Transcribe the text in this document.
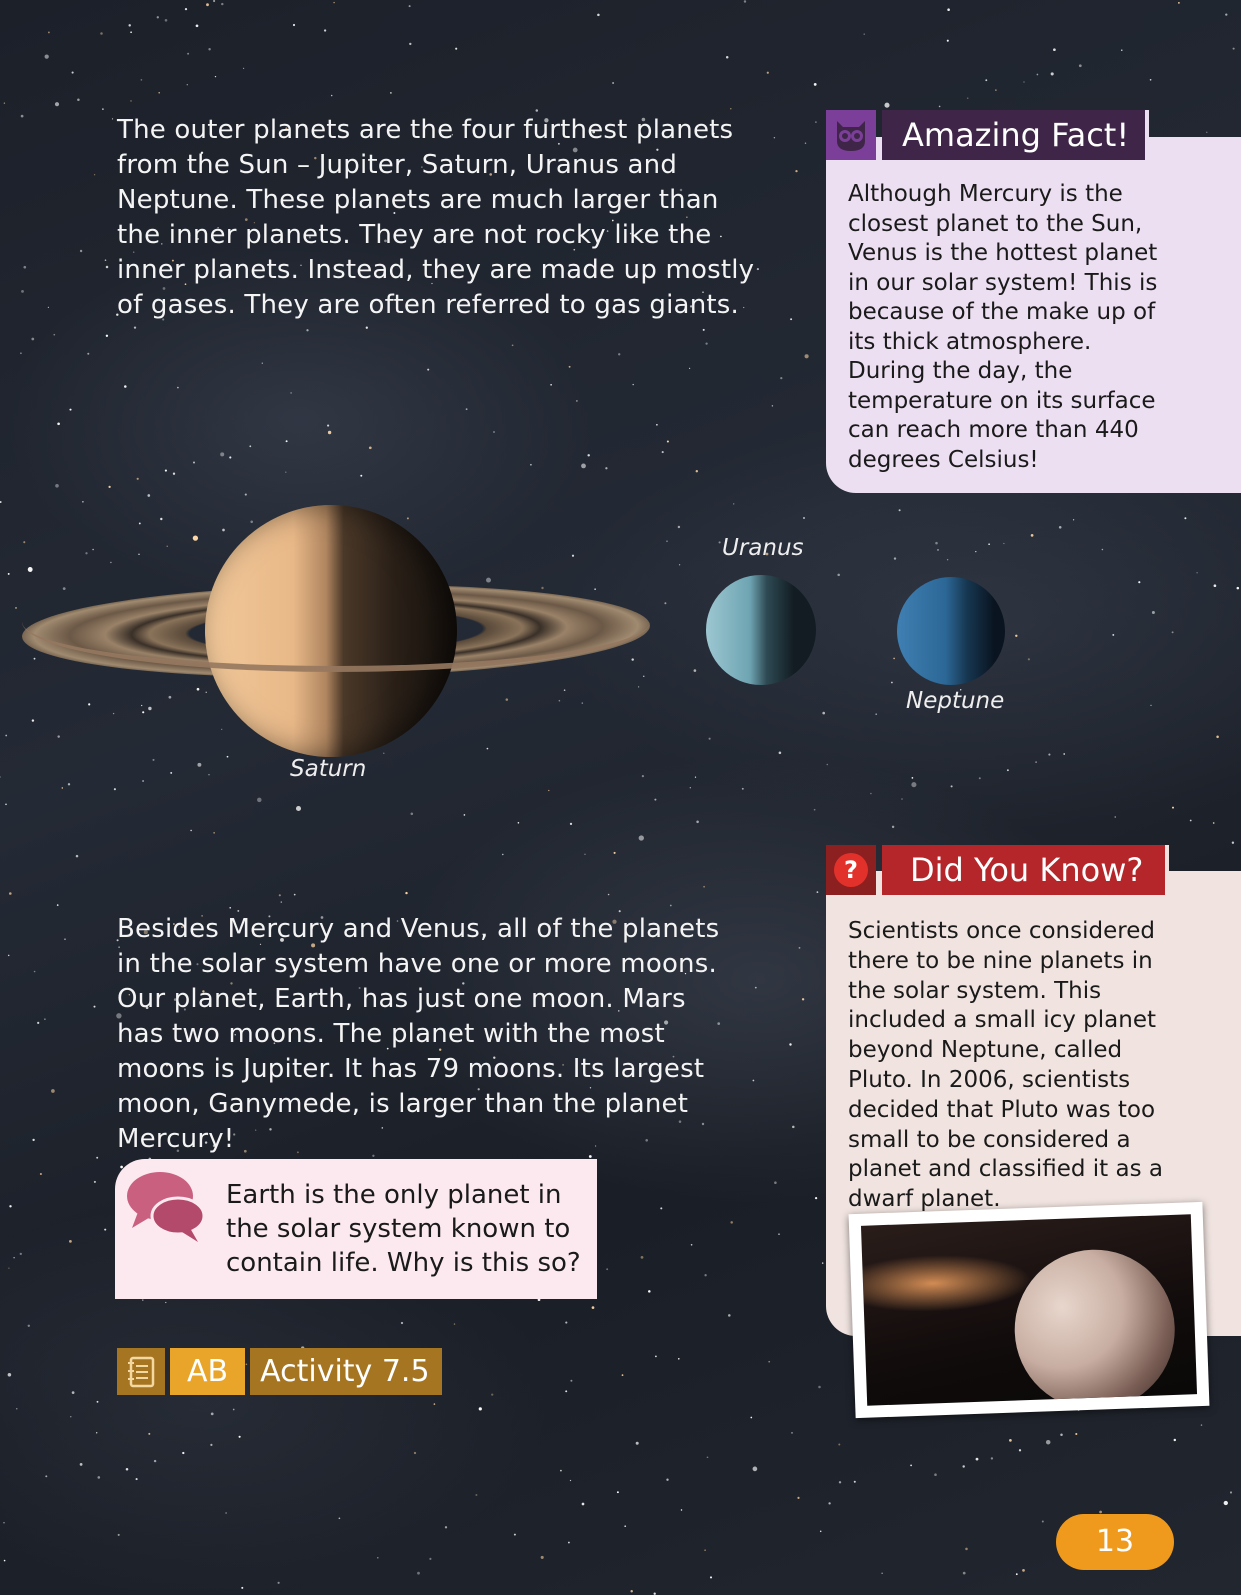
The outer planets are the four furthest planets from the Sun – Jupiter, Saturn, Uranus and Neptune. These planets are much larger than the inner planets. They are not rocky like the inner planets. Instead, they are made up mostly of gases. They are often referred to gas giants.
Amazing Fact!
Although Mercury is the closest planet to the Sun, Venus is the hottest planet in our solar system! This is because of the make up of its thick atmosphere. During the day, the temperature on its surface can reach more than 440 degrees Celsius!
Saturn
Uranus
Neptune
?	Did You Know?
Scientists once considered there to be nine planets in the solar system. This included a small icy planet beyond Neptune, called Pluto. In 2006, scientists decided that Pluto was too small to be considered a planet and classified it as a dwarf planet.
Besides Mercury and Venus, all of the planets in the solar system have one or more moons. Our planet, Earth, has just one moon. Mars has two moons. The planet with the most moons is Jupiter. It has 79 moons. Its largest moon, Ganymede, is larger than the planet Mercury!
Earth is the only planet in the solar system known to contain life. Why is this so?
AB	Activity 7.5
13
